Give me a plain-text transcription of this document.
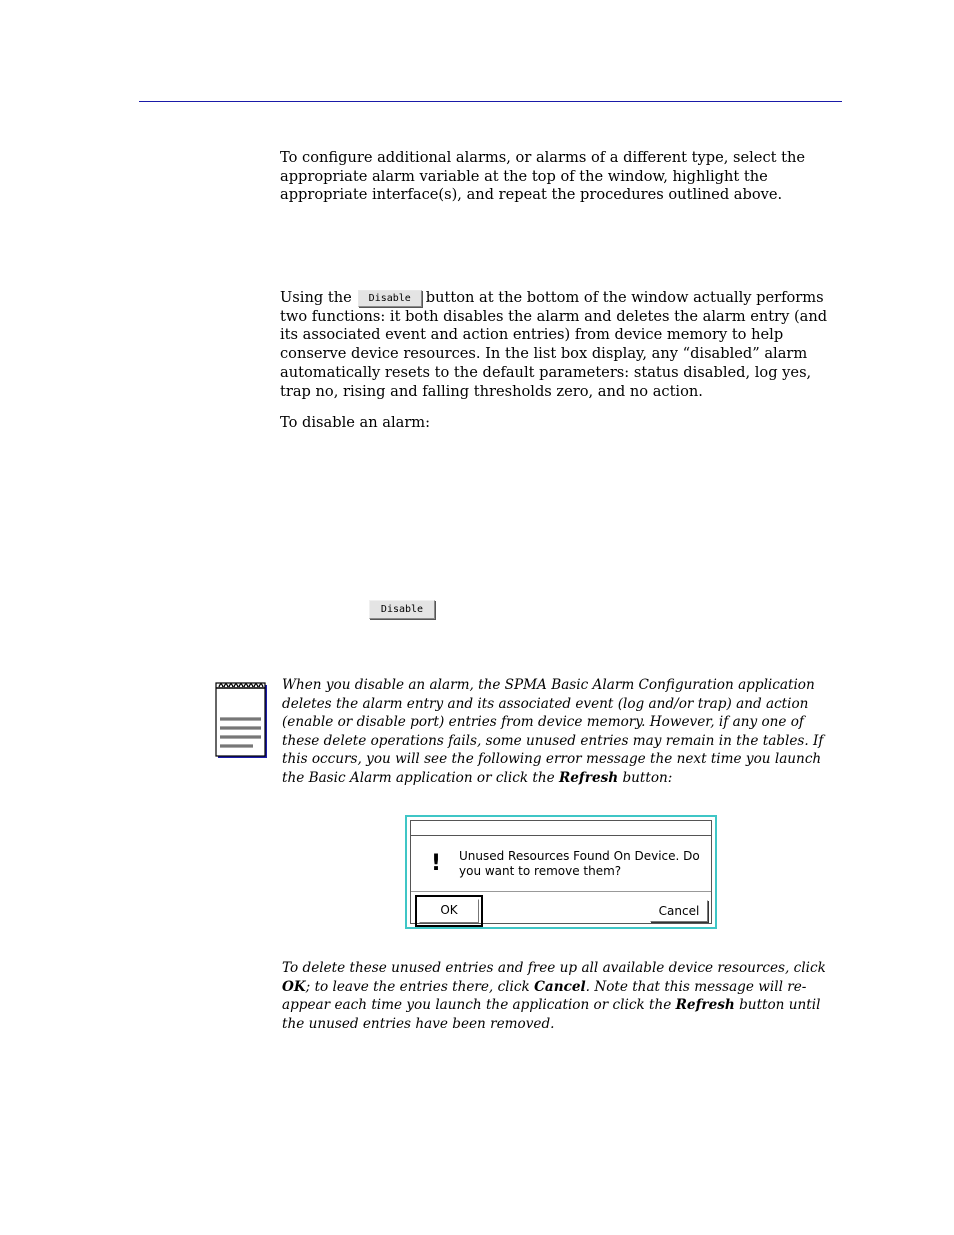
To configure additional alarms, or alarms of a different type, select the appropriate alarm variable at the top of the window, highlight the appropriate interface(s), and repeat the procedures outlined above.

Using the Disable button at the bottom of the window actually performs two functions: it both disables the alarm and deletes the alarm entry (and its associated event and action entries) from device memory to help conserve device resources. In the list box display, any “disabled” alarm automatically resets to the default parameters: status disabled, log yes, trap no, rising and falling thresholds zero, and no action.

To disable an alarm:

Disable

When you disable an alarm, the SPMA Basic Alarm Configuration application deletes the alarm entry and its associated event (log and/or trap) and action (enable or disable port) entries from device memory. However, if any one of these delete operations fails, some unused entries may remain in the tables. If this occurs, you will see the following error message the next time you launch the Basic Alarm application or click the Refresh button:

! Unused Resources Found On Device. Do you want to remove them?
OK	Cancel

To delete these unused entries and free up all available device resources, click OK; to leave the entries there, click Cancel. Note that this message will re-appear each time you launch the application or click the Refresh button until the unused entries have been removed.
